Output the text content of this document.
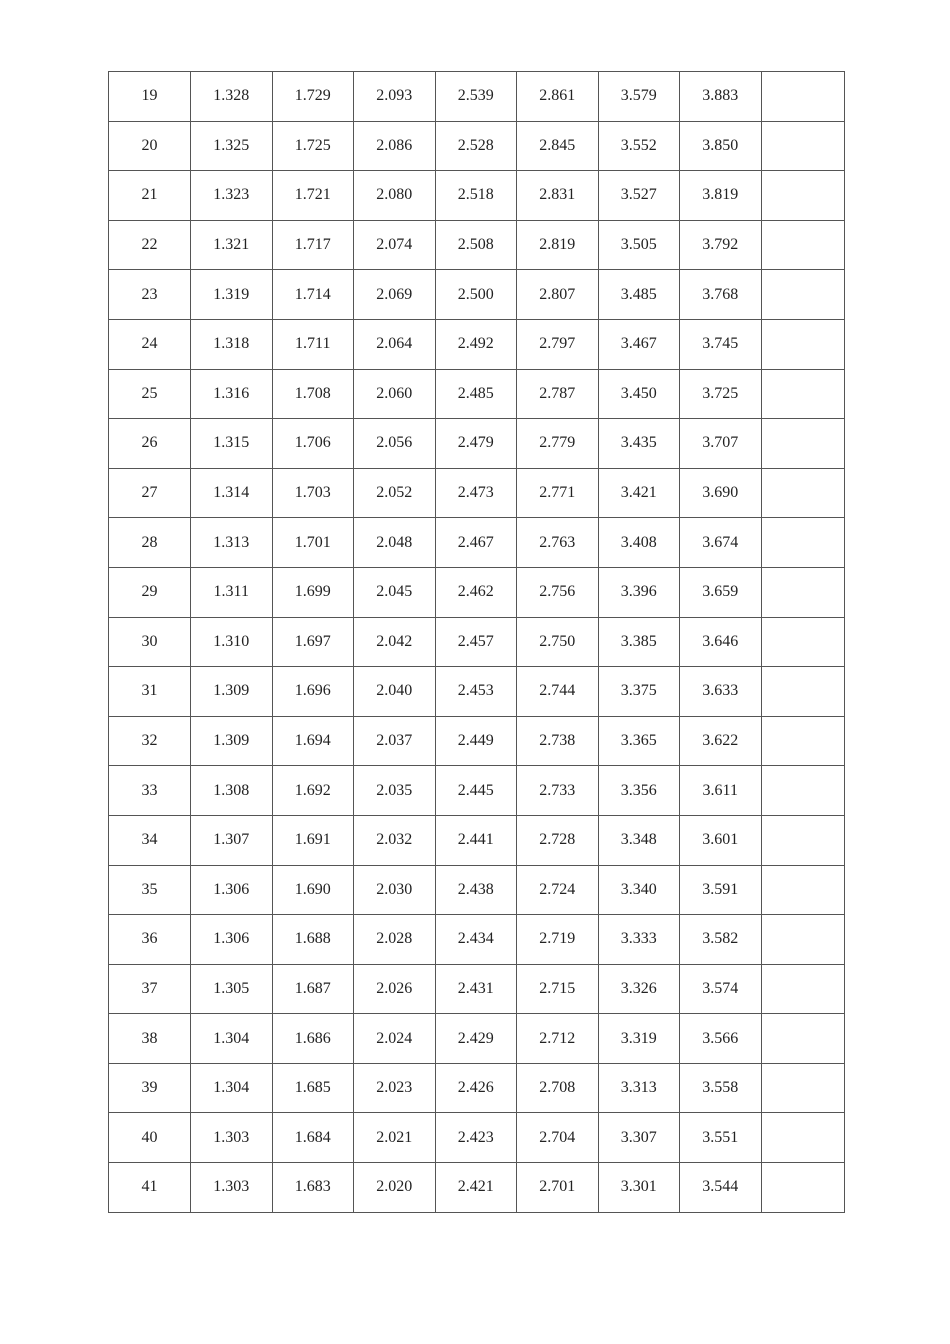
19	1.328	1.729	2.093	2.539	2.861	3.579	3.883	
20	1.325	1.725	2.086	2.528	2.845	3.552	3.850	
21	1.323	1.721	2.080	2.518	2.831	3.527	3.819	
22	1.321	1.717	2.074	2.508	2.819	3.505	3.792	
23	1.319	1.714	2.069	2.500	2.807	3.485	3.768	
24	1.318	1.711	2.064	2.492	2.797	3.467	3.745	
25	1.316	1.708	2.060	2.485	2.787	3.450	3.725	
26	1.315	1.706	2.056	2.479	2.779	3.435	3.707	
27	1.314	1.703	2.052	2.473	2.771	3.421	3.690	
28	1.313	1.701	2.048	2.467	2.763	3.408	3.674	
29	1.311	1.699	2.045	2.462	2.756	3.396	3.659	
30	1.310	1.697	2.042	2.457	2.750	3.385	3.646	
31	1.309	1.696	2.040	2.453	2.744	3.375	3.633	
32	1.309	1.694	2.037	2.449	2.738	3.365	3.622	
33	1.308	1.692	2.035	2.445	2.733	3.356	3.611	
34	1.307	1.691	2.032	2.441	2.728	3.348	3.601	
35	1.306	1.690	2.030	2.438	2.724	3.340	3.591	
36	1.306	1.688	2.028	2.434	2.719	3.333	3.582	
37	1.305	1.687	2.026	2.431	2.715	3.326	3.574	
38	1.304	1.686	2.024	2.429	2.712	3.319	3.566	
39	1.304	1.685	2.023	2.426	2.708	3.313	3.558	
40	1.303	1.684	2.021	2.423	2.704	3.307	3.551	
41	1.303	1.683	2.020	2.421	2.701	3.301	3.544	
